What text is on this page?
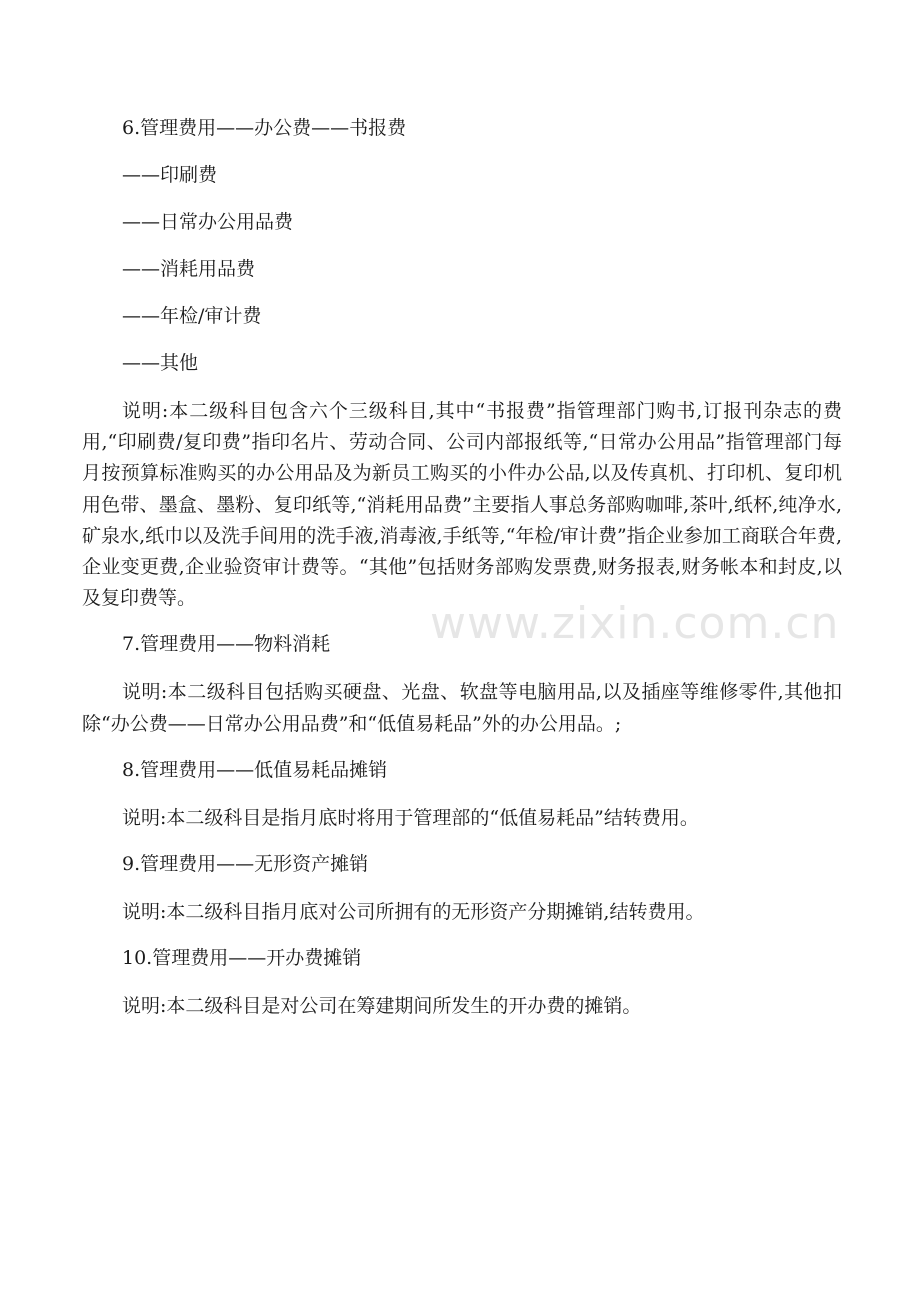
www.zixin.com.cn
6.管理费用——办公费——书报费
——印刷费
——日常办公用品费
——消耗用品费
——年检/审计费
——其他
说明:本二级科目包含六个三级科目,其中“书报费”指管理部门购书,订报刊杂志的费用,“印刷费/复印费”指印名片、劳动合同、公司内部报纸等,“日常办公用品”指管理部门每月按预算标准购买的办公用品及为新员工购买的小件办公品,以及传真机、打印机、复印机用色带、墨盒、墨粉、复印纸等,“消耗用品费”主要指人事总务部购咖啡,茶叶,纸杯,纯净水,矿泉水,纸巾以及洗手间用的洗手液,消毒液,手纸等,“年检/审计费”指企业参加工商联合年费,企业变更费,企业验资审计费等。“其他”包括财务部购发票费,财务报表,财务帐本和封皮,以及复印费等。
7.管理费用——物料消耗
说明:本二级科目包括购买硬盘、光盘、软盘等电脑用品,以及插座等维修零件,其他扣除“办公费——日常办公用品费”和“低值易耗品”外的办公用品。;
8.管理费用——低值易耗品摊销
说明:本二级科目是指月底时将用于管理部的“低值易耗品”结转费用。
9.管理费用——无形资产摊销
说明:本二级科目指月底对公司所拥有的无形资产分期摊销,结转费用。
10.管理费用——开办费摊销
说明:本二级科目是对公司在筹建期间所发生的开办费的摊销。
